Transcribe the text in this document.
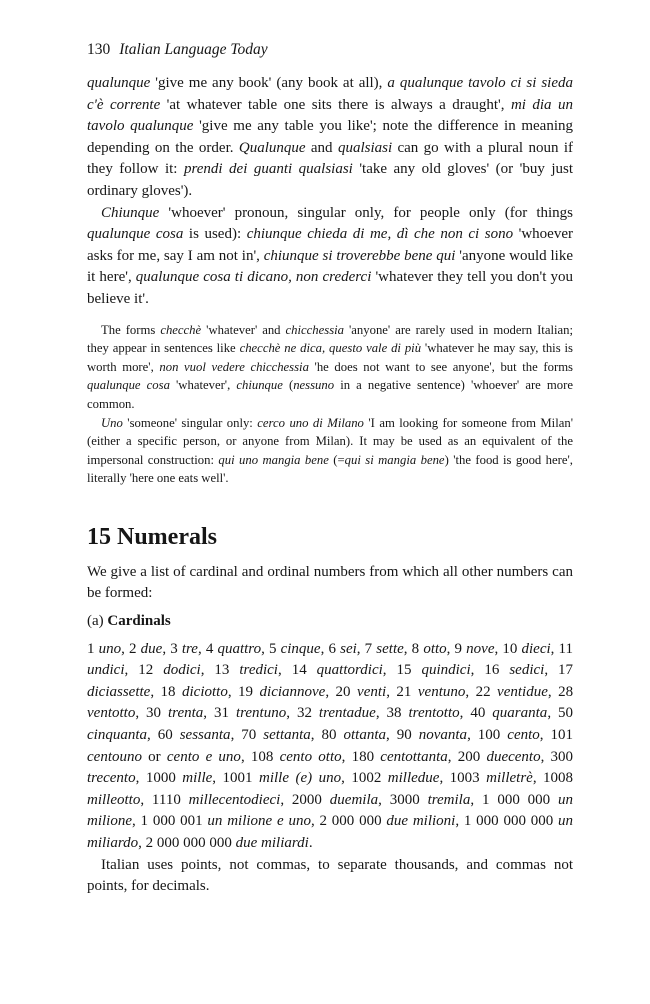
130 Italian Language Today

qualunque 'give me any book' (any book at all), a qualunque tavolo ci si sieda c'è corrente 'at whatever table one sits there is always a draught', mi dia un tavolo qualunque 'give me any table you like'; note the difference in meaning depending on the order. Qualunque and qualsiasi can go with a plural noun if they follow it: prendi dei guanti qualsiasi 'take any old gloves' (or 'buy just ordinary gloves').

Chiunque 'whoever' pronoun, singular only, for people only (for things qualunque cosa is used): chiunque chieda di me, dì che non ci sono 'whoever asks for me, say I am not in', chiunque si troverebbe bene qui 'anyone would like it here', qualunque cosa ti dicano, non crederci 'whatever they tell you don't you believe it'.

The forms checchè 'whatever' and chicchessia 'anyone' are rarely used in modern Italian; they appear in sentences like checchè ne dica, questo vale di più 'whatever he may say, this is worth more', non vuol vedere chicchessia 'he does not want to see anyone', but the forms qualunque cosa 'whatever', chiunque (nessuno in a negative sentence) 'whoever' are more common.

Uno 'someone' singular only: cerco uno di Milano 'I am looking for someone from Milan' (either a specific person, or anyone from Milan). It may be used as an equivalent of the impersonal construction: qui uno mangia bene (=qui si mangia bene) 'the food is good here', literally 'here one eats well'.

15 Numerals

We give a list of cardinal and ordinal numbers from which all other numbers can be formed:

(a) Cardinals

1 uno, 2 due, 3 tre, 4 quattro, 5 cinque, 6 sei, 7 sette, 8 otto, 9 nove, 10 dieci, 11 undici, 12 dodici, 13 tredici, 14 quattordici, 15 quindici, 16 sedici, 17 diciassette, 18 diciotto, 19 diciannove, 20 venti, 21 ventuno, 22 ventidue, 28 ventotto, 30 trenta, 31 trentuno, 32 trentadue, 38 trentotto, 40 quaranta, 50 cinquanta, 60 sessanta, 70 settanta, 80 ottanta, 90 novanta, 100 cento, 101 centouno or cento e uno, 108 cento otto, 180 centottanta, 200 duecento, 300 trecento, 1000 mille, 1001 mille (e) uno, 1002 milledue, 1003 milletrè, 1008 milleotto, 1110 millecentodieci, 2000 duemila, 3000 tremila, 1 000 000 un milione, 1 000 001 un milione e uno, 2 000 000 due milioni, 1 000 000 000 un miliardo, 2 000 000 000 due miliardi.

Italian uses points, not commas, to separate thousands, and commas not points, for decimals.
